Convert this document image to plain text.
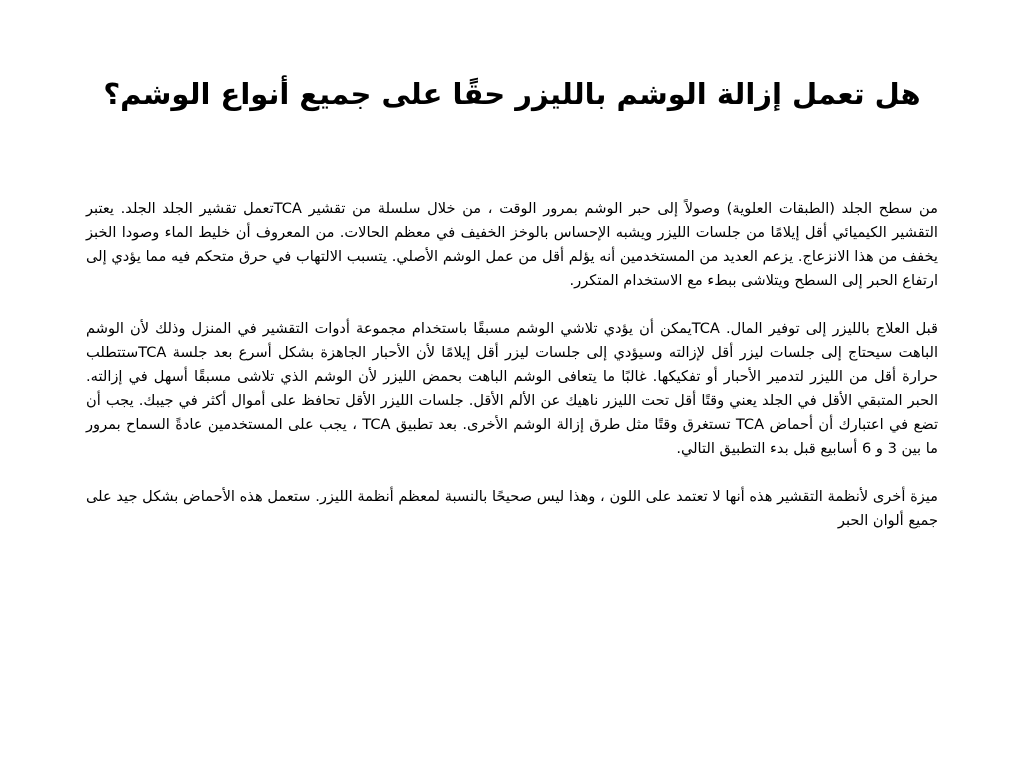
هل تعمل إزالة الوشم بالليزر حقًا على جميع أنواع الوشم؟

من سطح الجلد (الطبقات العلوية) وصولاً إلى حبر الوشم بمرور الوقت ، من خلال سلسلة من تقشير TCAتعمل تقشير الجلد الجلد. يعتبر التقشير الكيميائي أقل إيلامًا من جلسات الليزر ويشبه الإحساس بالوخز الخفيف في معظم الحالات. من المعروف أن خليط الماء وصودا الخبز يخفف من هذا الانزعاج. يزعم العديد من المستخدمين أنه يؤلم أقل من عمل الوشم الأصلي. يتسبب الالتهاب في حرق متحكم فيه مما يؤدي إلى ارتفاع الحبر إلى السطح ويتلاشى ببطء مع الاستخدام المتكرر.

قبل العلاج بالليزر إلى توفير المال. TCAيمكن أن يؤدي تلاشي الوشم مسبقًا باستخدام مجموعة أدوات التقشير في المنزل وذلك لأن الوشم الباهت سيحتاج إلى جلسات ليزر أقل لإزالته وسيؤدي إلى جلسات ليزر أقل إيلامًا لأن الأحبار الجاهزة بشكل أسرع بعد جلسة TCAستتطلب حرارة أقل من الليزر لتدمير الأحبار أو تفكيكها. غالبًا ما يتعافى الوشم الباهت بحمض الليزر لأن الوشم الذي تلاشى مسبقًا أسهل في إزالته. الحبر المتبقي الأقل في الجلد يعني وقتًا أقل تحت الليزر ناهيك عن الألم الأقل. جلسات الليزر الأقل تحافظ على أموال أكثر في جيبك. يجب أن تضع في اعتبارك أن أحماض TCA تستغرق وقتًا مثل طرق إزالة الوشم الأخرى. بعد تطبيق TCA ، يجب على المستخدمين عادةً السماح بمرور ما بين 3 و 6 أسابيع قبل بدء التطبيق التالي.

ميزة أخرى لأنظمة التقشير هذه أنها لا تعتمد على اللون ، وهذا ليس صحيحًا بالنسبة لمعظم أنظمة الليزر. ستعمل هذه الأحماض بشكل جيد على جميع ألوان الحبر
